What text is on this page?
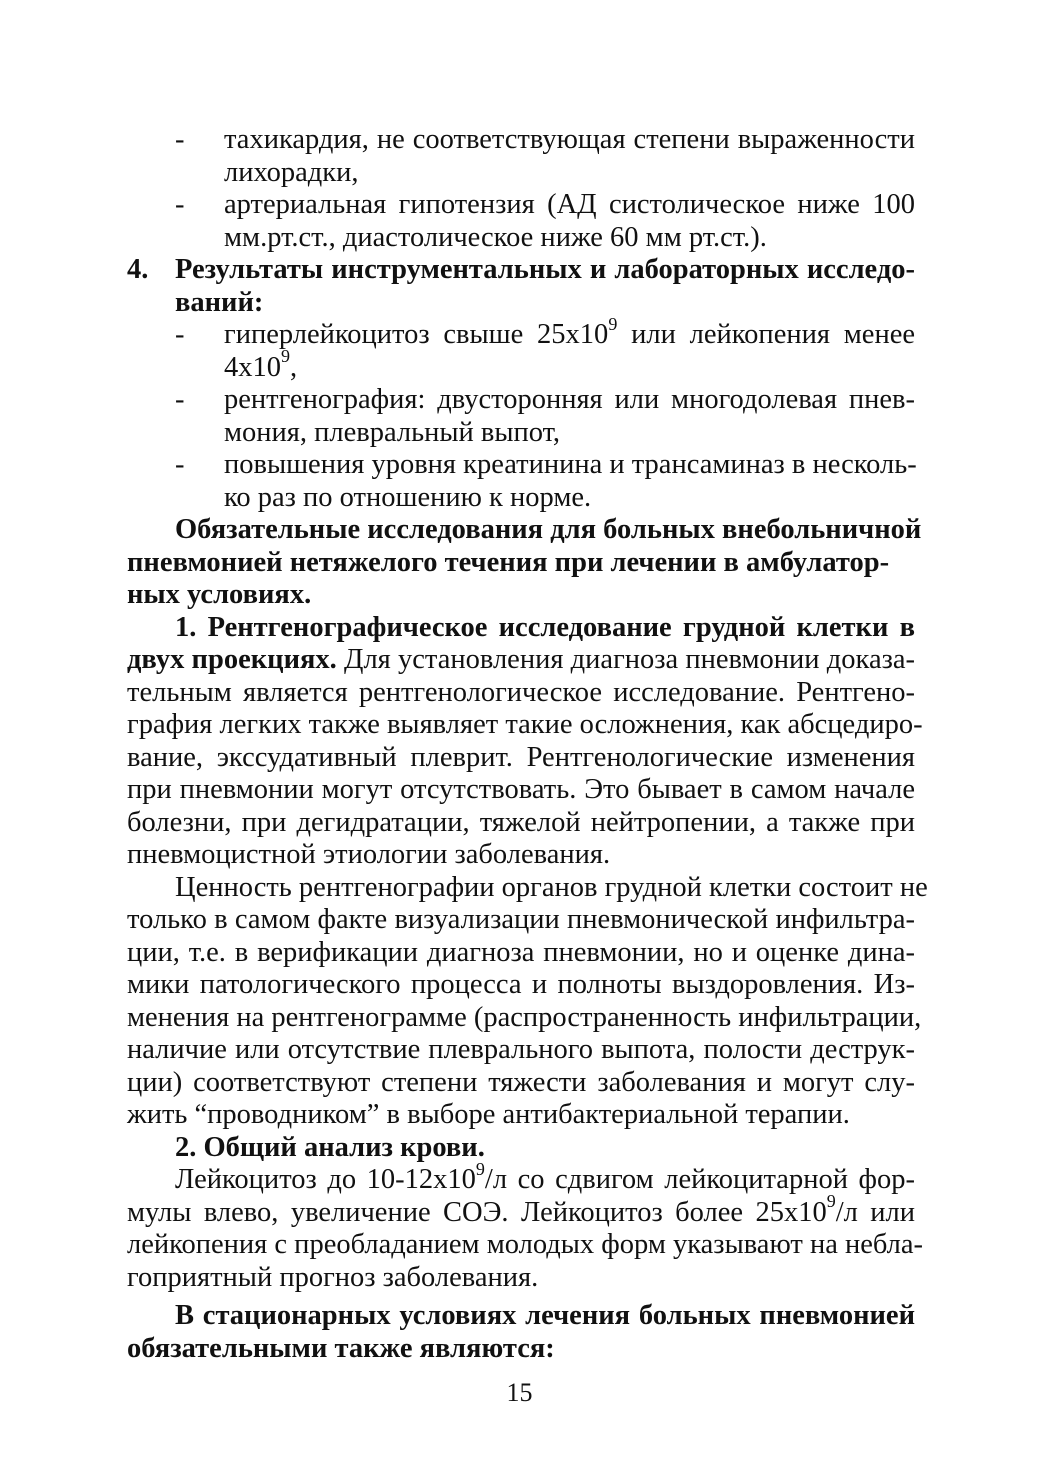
- тахикардия, не соответствующая степени выраженности
лихорадки,
- артериальная гипотензия (АД систолическое ниже 100
мм.рт.ст., диастолическое ниже 60 мм рт.ст.).
4. Результаты инструментальных и лабораторных исследо-
ваний:
- гиперлейкоцитоз свыше $25х10^9$ или лейкопения менее
$4х10^9$,
- рентгенография: двусторонняя или многодолевая пнев-
мония, плевральный выпот,
- повышения уровня креатинина и трансаминаз в несколь-
ко раз по отношению к норме.
Обязательные исследования для больных внебольничной
пневмонией нетяжелого течения при лечении в амбулатор-
ных условиях.
1. Рентгенографическое исследование грудной клетки в
двух проекциях. Для установления диагноза пневмонии доказа-
тельным является рентгенологическое исследование. Рентгено-
графия легких также выявляет такие осложнения, как абсцедиро-
вание, экссудативный плеврит. Рентгенологические изменения
при пневмонии могут отсутствовать. Это бывает в самом начале
болезни, при дегидратации, тяжелой нейтропении, а также при
пневмоцистной этиологии заболевания.
Ценность рентгенографии органов грудной клетки состоит не
только в самом факте визуализации пневмонической инфильтра-
ции, т.е. в верификации диагноза пневмонии, но и оценке дина-
мики патологического процесса и полноты выздоровления. Из-
менения на рентгенограмме (распространенность инфильтрации,
наличие или отсутствие плеврального выпота, полости деструк-
ции) соответствуют степени тяжести заболевания и могут слу-
жить “проводником” в выборе антибактериальной терапии.
2. Общий анализ крови.
Лейкоцитоз до $10-12х10^9/л$ со сдвигом лейкоцитарной фор-
мулы влево, увеличение СОЭ. Лейкоцитоз более $25х10^9/л$ или
лейкопения с преобладанием молодых форм указывают на небла-
гоприятный прогноз заболевания.
В стационарных условиях лечения больных пневмонией
обязательными также являются:
15
